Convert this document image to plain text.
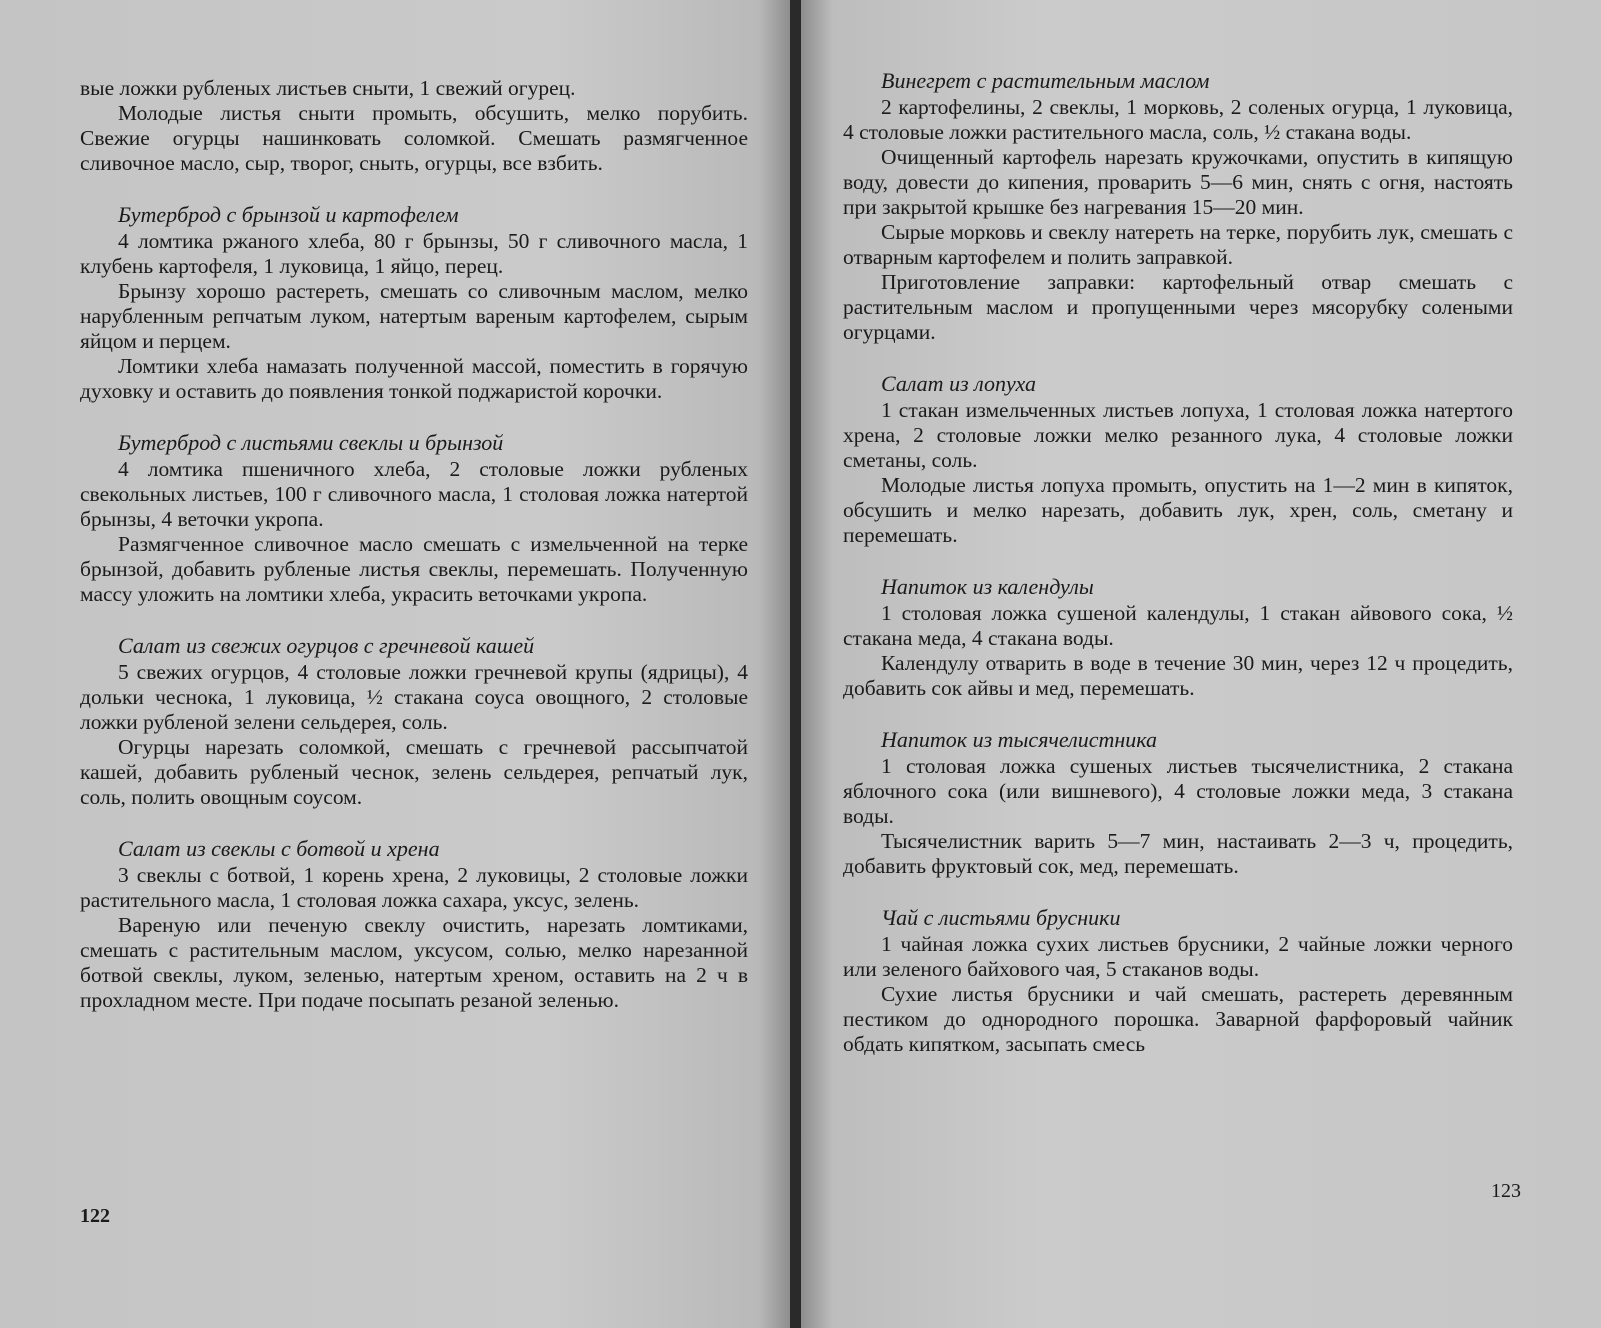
вые ложки рубленых листьев сныти, 1 свежий огурец.

Молодые листья сныти промыть, обсушить, мелко порубить. Свежие огурцы нашинковать соломкой. Смешать размягченное сливочное масло, сыр, творог, сныть, огурцы, все взбить.

Бутерброд с брынзой и картофелем

4 ломтика ржаного хлеба, 80 г брынзы, 50 г сливочного масла, 1 клубень картофеля, 1 луковица, 1 яйцо, перец.

Брынзу хорошо растереть, смешать со сливочным маслом, мелко нарубленным репчатым луком, натертым вареным картофелем, сырым яйцом и перцем.

Ломтики хлеба намазать полученной массой, поместить в горячую духовку и оставить до появления тонкой поджаристой корочки.

Бутерброд с листьями свеклы и брынзой

4 ломтика пшеничного хлеба, 2 столовые ложки рубленых свекольных листьев, 100 г сливочного масла, 1 столовая ложка натертой брынзы, 4 веточки укропа.

Размягченное сливочное масло смешать с измельченной на терке брынзой, добавить рубленые листья свеклы, перемешать. Полученную массу уложить на ломтики хлеба, украсить веточками укропа.

Салат из свежих огурцов с гречневой кашей

5 свежих огурцов, 4 столовые ложки гречневой крупы (ядрицы), 4 дольки чеснока, 1 луковица, ½ стакана соуса овощного, 2 столовые ложки рубленой зелени сельдерея, соль.

Огурцы нарезать соломкой, смешать с гречневой рассыпчатой кашей, добавить рубленый чеснок, зелень сельдерея, репчатый лук, соль, полить овощным соусом.

Салат из свеклы с ботвой и хрена

3 свеклы с ботвой, 1 корень хрена, 2 луковицы, 2 столовые ложки растительного масла, 1 столовая ложка сахара, уксус, зелень.

Вареную или печеную свеклу очистить, нарезать ломтиками, смешать с растительным маслом, уксусом, солью, мелко нарезанной ботвой свеклы, луком, зеленью, натертым хреном, оставить на 2 ч в прохладном месте. При подаче посыпать резаной зеленью.

122
Винегрет с растительным маслом

2 картофелины, 2 свеклы, 1 морковь, 2 соленых огурца, 1 луковица, 4 столовые ложки растительного масла, соль, ½ стакана воды.

Очищенный картофель нарезать кружочками, опустить в кипящую воду, довести до кипения, проварить 5—6 мин, снять с огня, настоять при закрытой крышке без нагревания 15—20 мин.

Сырые морковь и свеклу натереть на терке, порубить лук, смешать с отварным картофелем и полить заправкой.

Приготовление заправки: картофельный отвар смешать с растительным маслом и пропущенными через мясорубку солеными огурцами.

Салат из лопуха

1 стакан измельченных листьев лопуха, 1 столовая ложка натертого хрена, 2 столовые ложки мелко резанного лука, 4 столовые ложки сметаны, соль.

Молодые листья лопуха промыть, опустить на 1—2 мин в кипяток, обсушить и мелко нарезать, добавить лук, хрен, соль, сметану и перемешать.

Напиток из календулы

1 столовая ложка сушеной календулы, 1 стакан айвового сока, ½ стакана меда, 4 стакана воды.

Календулу отварить в воде в течение 30 мин, через 12 ч процедить, добавить сок айвы и мед, перемешать.

Напиток из тысячелистника

1 столовая ложка сушеных листьев тысячелистника, 2 стакана яблочного сока (или вишневого), 4 столовые ложки меда, 3 стакана воды.

Тысячелистник варить 5—7 мин, настаивать 2—3 ч, процедить, добавить фруктовый сок, мед, перемешать.

Чай с листьями брусники

1 чайная ложка сухих листьев брусники, 2 чайные ложки черного или зеленого байхового чая, 5 стаканов воды.

Сухие листья брусники и чай смешать, растереть деревянным пестиком до однородного порошка. Заварной фарфоровый чайник обдать кипятком, засыпать смесь

123
